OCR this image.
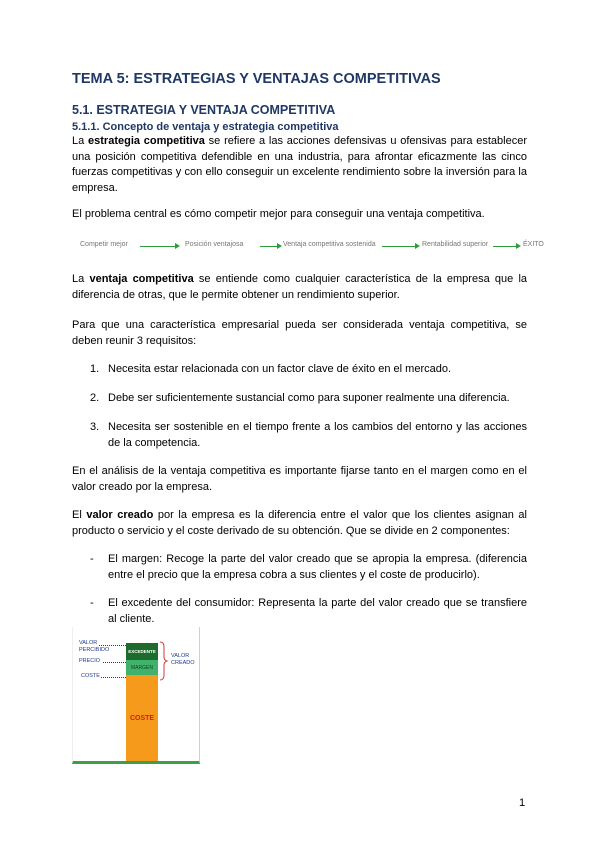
TEMA 5: ESTRATEGIAS Y VENTAJAS COMPETITIVAS
5.1. ESTRATEGIA Y VENTAJA COMPETITIVA
5.1.1. Concepto de ventaja y estrategia competitiva
La estrategia competitiva se refiere a las acciones defensivas u ofensivas para establecer una posición competitiva defendible en una industria, para afrontar eficazmente las cinco fuerzas competitivas y con ello conseguir un excelente rendimiento sobre la inversión para la empresa.
El problema central es cómo competir mejor para conseguir una ventaja competitiva.
Competir mejor	Posición ventajosa	Ventaja competitiva sostenida	Rentabilidad superior	ÉXITO
La ventaja competitiva se entiende como cualquier característica de la empresa que la diferencia de otras, que le permite obtener un rendimiento superior.
Para que una característica empresarial pueda ser considerada ventaja competitiva, se deben reunir 3 requisitos:
1. Necesita estar relacionada con un factor clave de éxito en el mercado.
2. Debe ser suficientemente sustancial como para suponer realmente una diferencia.
3. Necesita ser sostenible en el tiempo frente a los cambios del entorno y las acciones de la competencia.
En el análisis de la ventaja competitiva es importante fijarse tanto en el margen como en el valor creado por la empresa.
El valor creado por la empresa es la diferencia entre el valor que los clientes asignan al producto o servicio y el coste derivado de su obtención. Que se divide en 2 componentes:
- El margen: Recoge la parte del valor creado que se apropia la empresa. (diferencia entre el precio que la empresa cobra a sus clientes y el coste de producirlo).
- El excedente del consumidor: Representa la parte del valor creado que se transfiere al cliente.
VALOR
PERCIBIDO
PRECIO
COSTE
EXCEDENTE
MARGEN
COSTE
VALOR
CREADO
1
